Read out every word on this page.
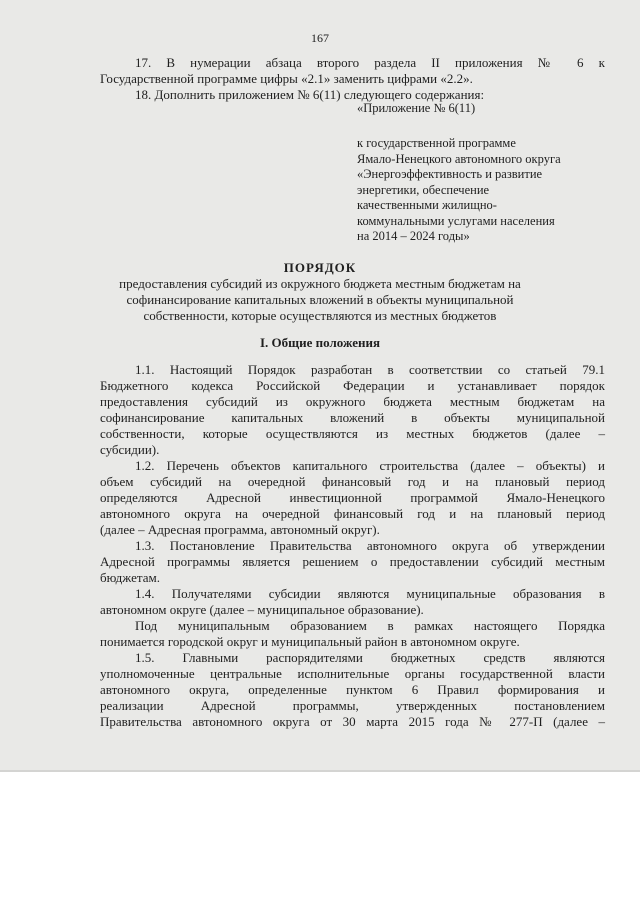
167
17. В нумерации абзаца второго раздела II приложения № 6 к
Государственной программе цифры «2.1» заменить цифрами «2.2».
18. Дополнить приложением № 6(11) следующего содержания:
«Приложение № 6(11)
к государственной программе
Ямало-Ненецкого автономного округа
«Энергоэффективность и развитие
энергетики, обеспечение
качественными жилищно-
коммунальными услугами населения
на 2014 – 2024 годы»
ПОРЯДОК
предоставления субсидий из окружного бюджета местным бюджетам на
софинансирование капитальных вложений в объекты муниципальной
собственности, которые осуществляются из местных бюджетов
I. Общие положения
1.1. Настоящий Порядок разработан в соответствии со статьей 79.1
Бюджетного кодекса Российской Федерации и устанавливает порядок
предоставления субсидий из окружного бюджета местным бюджетам на
софинансирование капитальных вложений в объекты муниципальной
собственности, которые осуществляются из местных бюджетов (далее –
субсидии).
1.2. Перечень объектов капитального строительства (далее – объекты) и
объем субсидий на очередной финансовый год и на плановый период
определяются Адресной инвестиционной программой Ямало-Ненецкого
автономного округа на очередной финансовый год и на плановый период
(далее – Адресная программа, автономный округ).
1.3. Постановление Правительства автономного округа об утверждении
Адресной программы является решением о предоставлении субсидий местным
бюджетам.
1.4. Получателями субсидии являются муниципальные образования в
автономном округе (далее – муниципальное образование).
Под муниципальным образованием в рамках настоящего Порядка
понимается городской округ и муниципальный район в автономном округе.
1.5. Главными распорядителями бюджетных средств являются
уполномоченные центральные исполнительные органы государственной власти
автономного округа, определенные пунктом 6 Правил формирования и
реализации Адресной программы, утвержденных постановлением
Правительства автономного округа от 30 марта 2015 года № 277-П (далее –
